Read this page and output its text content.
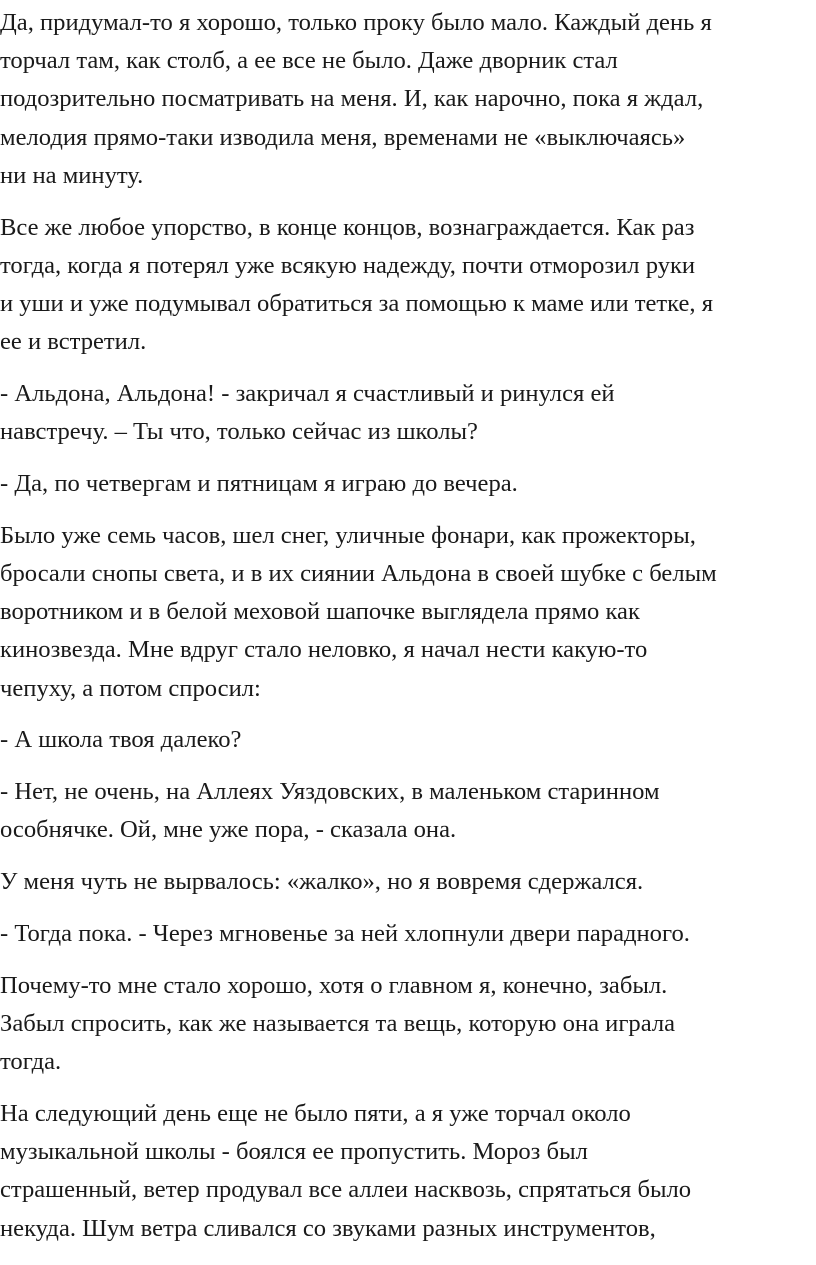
Да, придумал-то я хорошо, только проку было мало. Каждый день я
торчал там, как столб, а ее все не было. Даже дворник стал
подозрительно посматривать на меня. И, как нарочно, пока я ждал,
мелодия прямо-таки изводила меня, временами не «выключаясь»
ни на минуту.

Все же любое упорство, в конце концов, вознаграждается. Как раз
тогда, когда я потерял уже всякую надежду, почти отморозил руки
и уши и уже подумывал обратиться за помощью к маме или тетке, я
ее и встретил.

- Альдона, Альдона! - закричал я счастливый и ринулся ей
навстречу. – Ты что, только сейчас из школы?

- Да, по четвергам и пятницам я играю до вечера.

Было уже семь часов, шел снег, уличные фонари, как прожекторы,
бросали снопы света, и в их сиянии Альдона в своей шубке с белым
воротником и в белой меховой шапочке выглядела прямо как
кинозвезда. Мне вдруг стало неловко, я начал нести какую-то
чепуху, а потом спросил:

- А школа твоя далеко?

- Нет, не очень, на Аллеях Уяздовских, в маленьком старинном
особнячке. Ой, мне уже пора, - сказала она.

У меня чуть не вырвалось: «жалко», но я вовремя сдержался.

- Тогда пока. - Через мгновенье за ней хлопнули двери парадного.

Почему-то мне стало хорошо, хотя о главном я, конечно, забыл.
Забыл спросить, как же называется та вещь, которую она играла
тогда.

На следующий день еще не было пяти, а я уже торчал около
музыкальной школы - боялся ее пропустить. Мороз был
страшенный, ветер продувал все аллеи насквозь, спрятаться было
некуда. Шум ветра сливался со звуками разных инструментов,
